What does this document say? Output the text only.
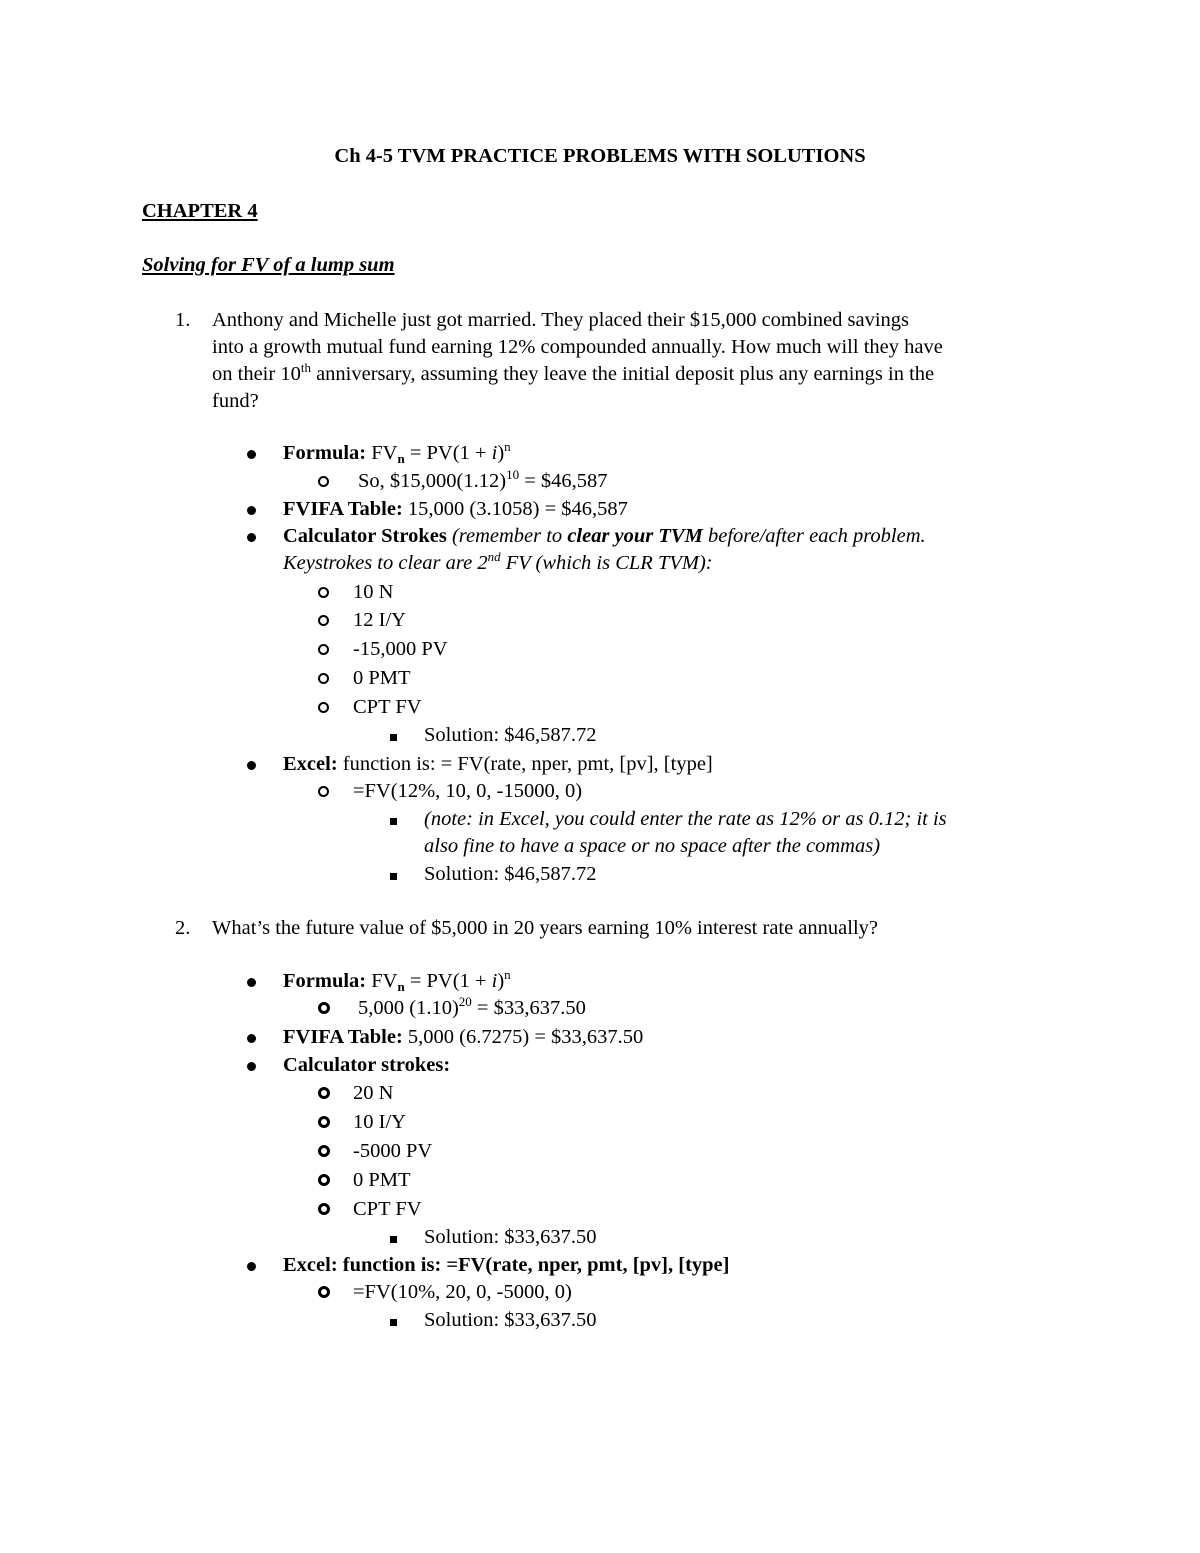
Ch 4-5 TVM PRACTICE PROBLEMS WITH SOLUTIONS
CHAPTER 4
Solving for FV of a lump sum
1. Anthony and Michelle just got married. They placed their $15,000 combined savings
into a growth mutual fund earning 12% compounded annually. How much will they have
on their 10th anniversary, assuming they leave the initial deposit plus any earnings in the
fund?
Formula: FVn = $PV(1 + i)^n$
So, $\$15,000(1.12)^{10}$ = $46,587
FVIFA Table: 15,000 (3.1058) = $46,587
Calculator Strokes (remember to clear your TVM before/after each problem.
Keystrokes to clear are 2nd FV (which is CLR TVM):
10 N
12 I/Y
-15,000 PV
0 PMT
CPT FV
Solution: $46,587.72
Excel: function is: = FV(rate, nper, pmt, [pv], [type]
=FV(12%, 10, 0, -15000, 0)
(note: in Excel, you could enter the rate as 12% or as 0.12; it is
also fine to have a space or no space after the commas)
Solution: $46,587.72
2. What’s the future value of $5,000 in 20 years earning 10% interest rate annually?
Formula: FVn = $PV(1 + i)^n$
5,000 $(1.10)^{20}$ = $33,637.50
FVIFA Table: 5,000 (6.7275) = $33,637.50
Calculator strokes:
20 N
10 I/Y
-5000 PV
0 PMT
CPT FV
Solution: $33,637.50
Excel: function is: =FV(rate, nper, pmt, [pv], [type]
=FV(10%, 20, 0, -5000, 0)
Solution: $33,637.50
